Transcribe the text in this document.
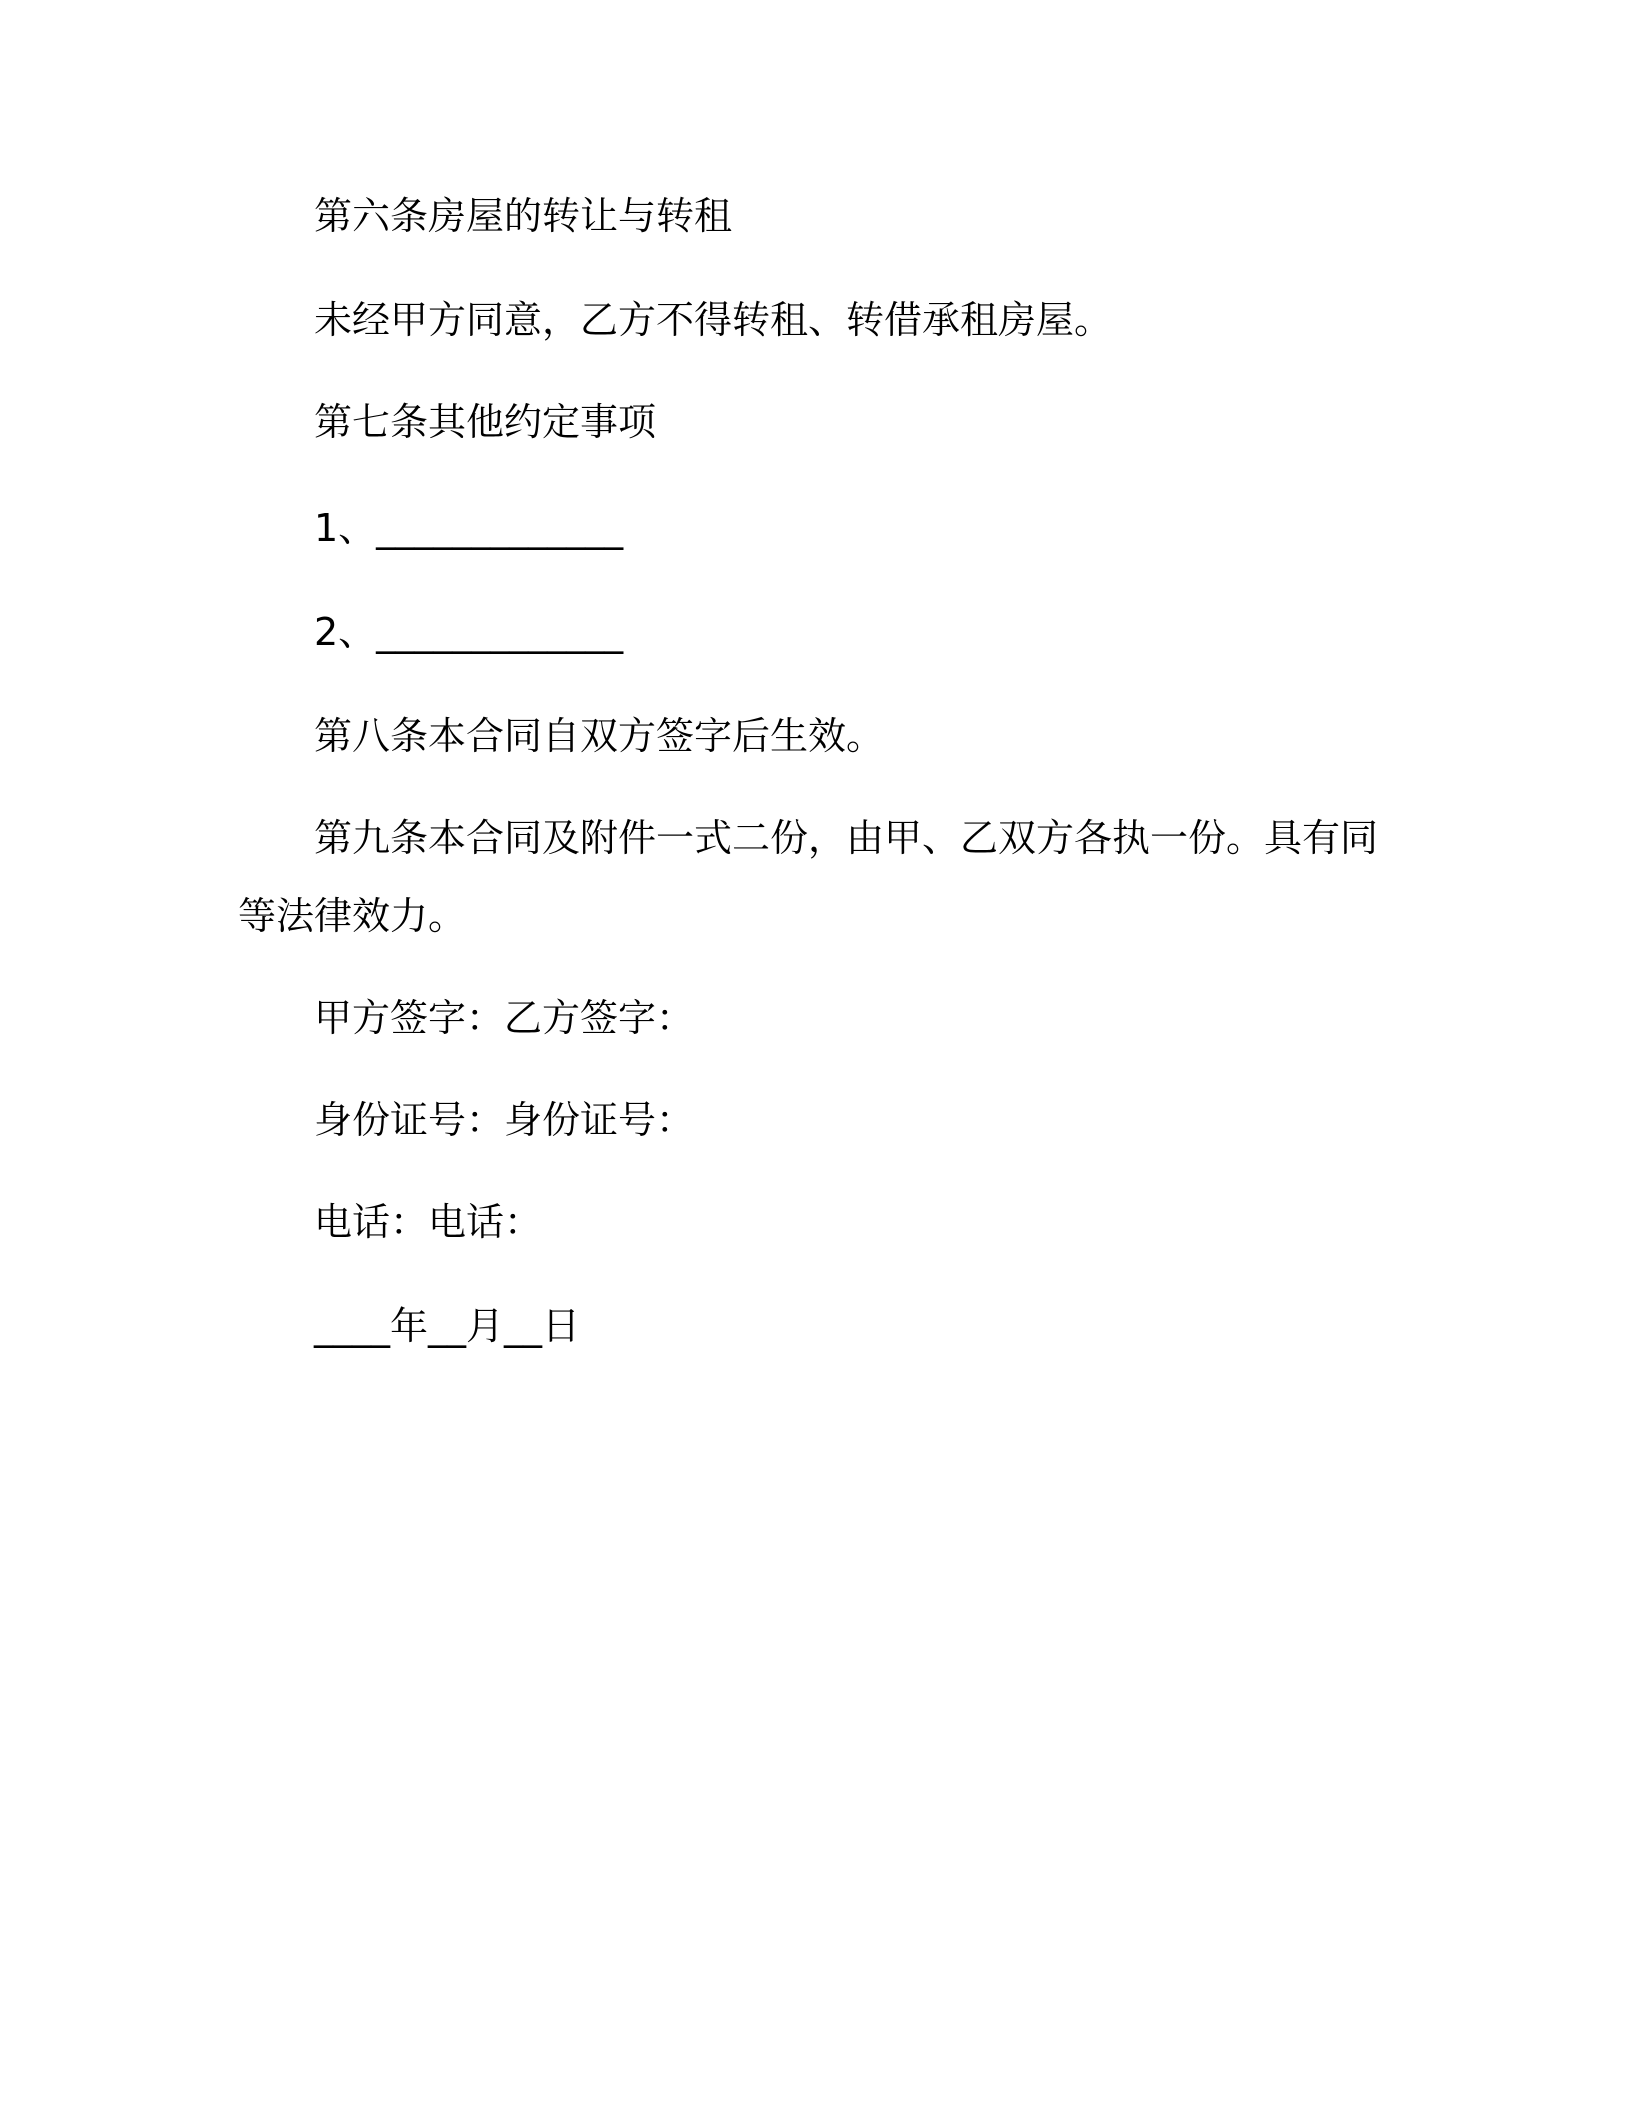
第六条房屋的转让与转租
未经甲方同意，乙方不得转租、转借承租房屋。
第七条其他约定事项
1、_____________
2、_____________
第八条本合同自双方签字后生效。
第九条本合同及附件一式二份，由甲、乙双方各执一份。具有同
等法律效力。
甲方签字：乙方签字：
身份证号：身份证号：
电话：电话：
____年__月__日
